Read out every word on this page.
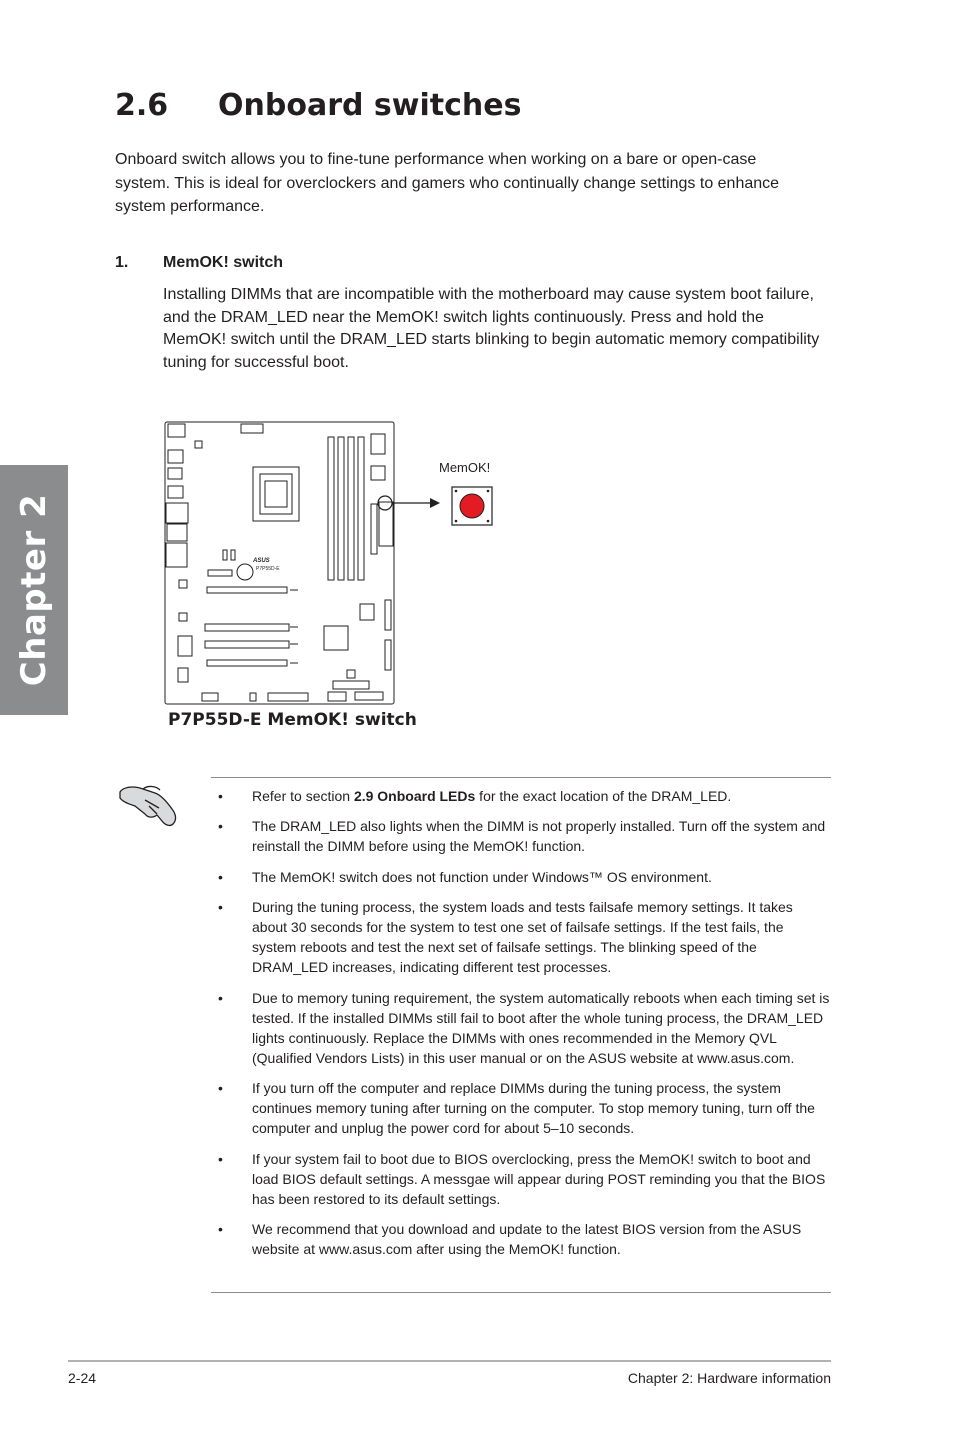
Chapter 2
2.6 Onboard switches
Onboard switch allows you to fine-tune performance when working on a bare or open-case system. This is ideal for overclockers and gamers who continually change settings to enhance system performance.
1. MemOK! switch
Installing DIMMs that are incompatible with the motherboard may cause system boot failure, and the DRAM_LED near the MemOK! switch lights continuously. Press and hold the MemOK! switch until the DRAM_LED starts blinking to begin automatic memory compatibility tuning for successful boot.
ASUS
P7P55D-E
MemOK!
P7P55D-E MemOK! switch
• Refer to section 2.9 Onboard LEDs for the exact location of the DRAM_LED.
• The DRAM_LED also lights when the DIMM is not properly installed. Turn off the system and reinstall the DIMM before using the MemOK! function.
• The MemOK! switch does not function under Windows™ OS environment.
• During the tuning process, the system loads and tests failsafe memory settings. It takes about 30 seconds for the system to test one set of failsafe settings. If the test fails, the system reboots and test the next set of failsafe settings. The blinking speed of the DRAM_LED increases, indicating different test processes.
• Due to memory tuning requirement, the system automatically reboots when each timing set is tested. If the installed DIMMs still fail to boot after the whole tuning process, the DRAM_LED lights continuously. Replace the DIMMs with ones recommended in the Memory QVL (Qualified Vendors Lists) in this user manual or on the ASUS website at www.asus.com.
• If you turn off the computer and replace DIMMs during the tuning process, the system continues memory tuning after turning on the computer. To stop memory tuning, turn off the computer and unplug the power cord for about 5–10 seconds.
• If your system fail to boot due to BIOS overclocking, press the MemOK! switch to boot and load BIOS default settings. A messgae will appear during POST reminding you that the BIOS has been restored to its default settings.
• We recommend that you download and update to the latest BIOS version from the ASUS website at www.asus.com after using the MemOK! function.
2-24	Chapter 2: Hardware information
